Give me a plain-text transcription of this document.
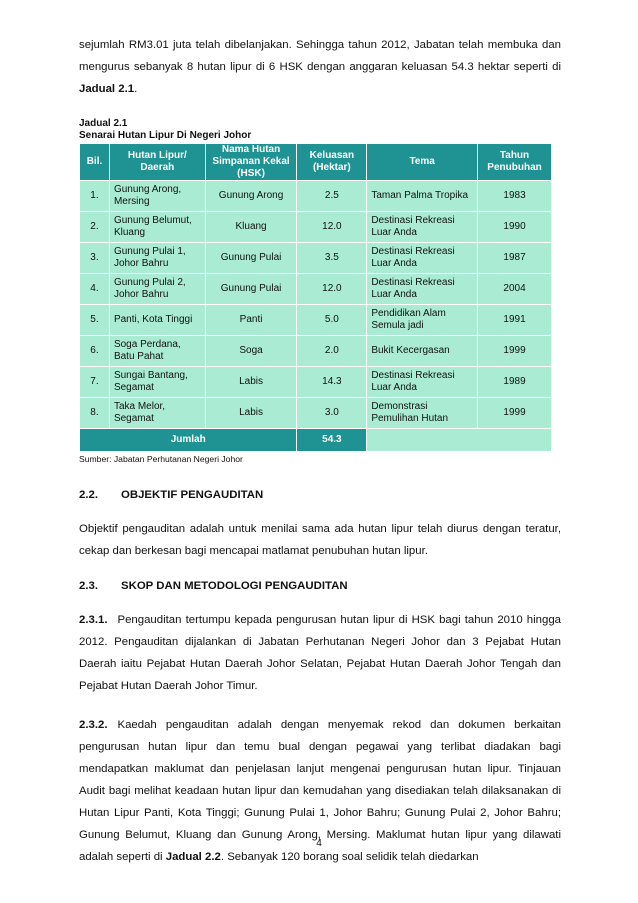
sejumlah RM3.01 juta telah dibelanjakan. Sehingga tahun 2012, Jabatan telah membuka dan mengurus sebanyak 8 hutan lipur di 6 HSK dengan anggaran keluasan 54.3 hektar seperti di Jadual 2.1.

Jadual 2.1
Senarai Hutan Lipur Di Negeri Johor
Bil.	Hutan Lipur/ Daerah	Nama Hutan Simpanan Kekal (HSK)	Keluasan (Hektar)	Tema	Tahun Penubuhan
1.	Gunung Arong, Mersing	Gunung Arong	2.5	Taman Palma Tropika	1983
2.	Gunung Belumut, Kluang	Kluang	12.0	Destinasi Rekreasi Luar Anda	1990
3.	Gunung Pulai 1, Johor Bahru	Gunung Pulai	3.5	Destinasi Rekreasi Luar Anda	1987
4.	Gunung Pulai 2, Johor Bahru	Gunung Pulai	12.0	Destinasi Rekreasi Luar Anda	2004
5.	Panti, Kota Tinggi	Panti	5.0	Pendidikan Alam Semula jadi	1991
6.	Soga Perdana, Batu Pahat	Soga	2.0	Bukit Kecergasan	1999
7.	Sungai Bantang, Segamat	Labis	14.3	Destinasi Rekreasi Luar Anda	1989
8.	Taka Melor, Segamat	Labis	3.0	Demonstrasi Pemulihan Hutan	1999
Jumlah			54.3		
Sumber: Jabatan Perhutanan Negeri Johor
2.2. OBJEKTIF PENGAUDITAN

Objektif pengauditan adalah untuk menilai sama ada hutan lipur telah diurus dengan teratur, cekap dan berkesan bagi mencapai matlamat penubuhan hutan lipur.

2.3. SKOP DAN METODOLOGI PENGAUDITAN

2.3.1. Pengauditan tertumpu kepada pengurusan hutan lipur di HSK bagi tahun 2010 hingga 2012. Pengauditan dijalankan di Jabatan Perhutanan Negeri Johor dan 3 Pejabat Hutan Daerah iaitu Pejabat Hutan Daerah Johor Selatan, Pejabat Hutan Daerah Johor Tengah dan Pejabat Hutan Daerah Johor Timur.

2.3.2. Kaedah pengauditan adalah dengan menyemak rekod dan dokumen berkaitan pengurusan hutan lipur dan temu bual dengan pegawai yang terlibat diadakan bagi mendapatkan maklumat dan penjelasan lanjut mengenai pengurusan hutan lipur. Tinjauan Audit bagi melihat keadaan hutan lipur dan kemudahan yang disediakan telah dilaksanakan di Hutan Lipur Panti, Kota Tinggi; Gunung Pulai 1, Johor Bahru; Gunung Pulai 2, Johor Bahru; Gunung Belumut, Kluang dan Gunung Arong, Mersing. Maklumat hutan lipur yang dilawati adalah seperti di Jadual 2.2. Sebanyak 120 borang soal selidik telah diedarkan

4
